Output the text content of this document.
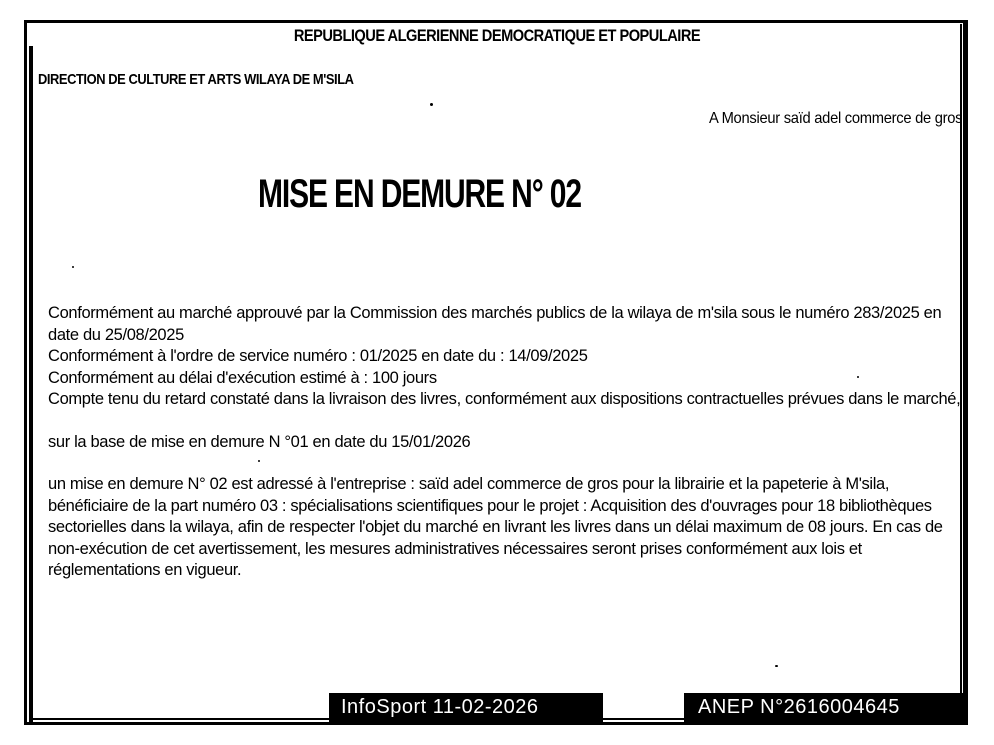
REPUBLIQUE ALGERIENNE DEMOCRATIQUE ET POPULAIRE
DIRECTION DE CULTURE ET ARTS WILAYA DE M'SILA
A Monsieur saïd adel commerce de gros
MISE EN DEMURE N° 02

Conformément au marché approuvé par la Commission des marchés publics de la wilaya de m'sila sous le numéro 283/2025 en date du 25/08/2025

Conformément à l'ordre de service numéro : 01/2025 en date du : 14/09/2025

Conformément au délai d'exécution estimé à : 100 jours

Compte tenu du retard constaté dans la livraison des livres, conformément aux dispositions contractuelles prévues dans le marché,

sur la base de mise en demure N °01 en date du 15/01/2026

un mise en demure N° 02 est adressé à l'entreprise : saïd adel commerce de gros pour la librairie et la papeterie à M'sila, bénéficiaire de la part numéro 03 : spécialisations scientifiques pour le projet : Acquisition des d'ouvrages pour 18 bibliothèques sectorielles dans la wilaya, afin de respecter l'objet du marché en livrant les livres dans un délai maximum de 08 jours. En cas de non-exécution de cet avertissement, les mesures administratives nécessaires seront prises conformément aux lois et réglementations en vigueur.

InfoSport 11-02-2026	ANEP N°2616004645
